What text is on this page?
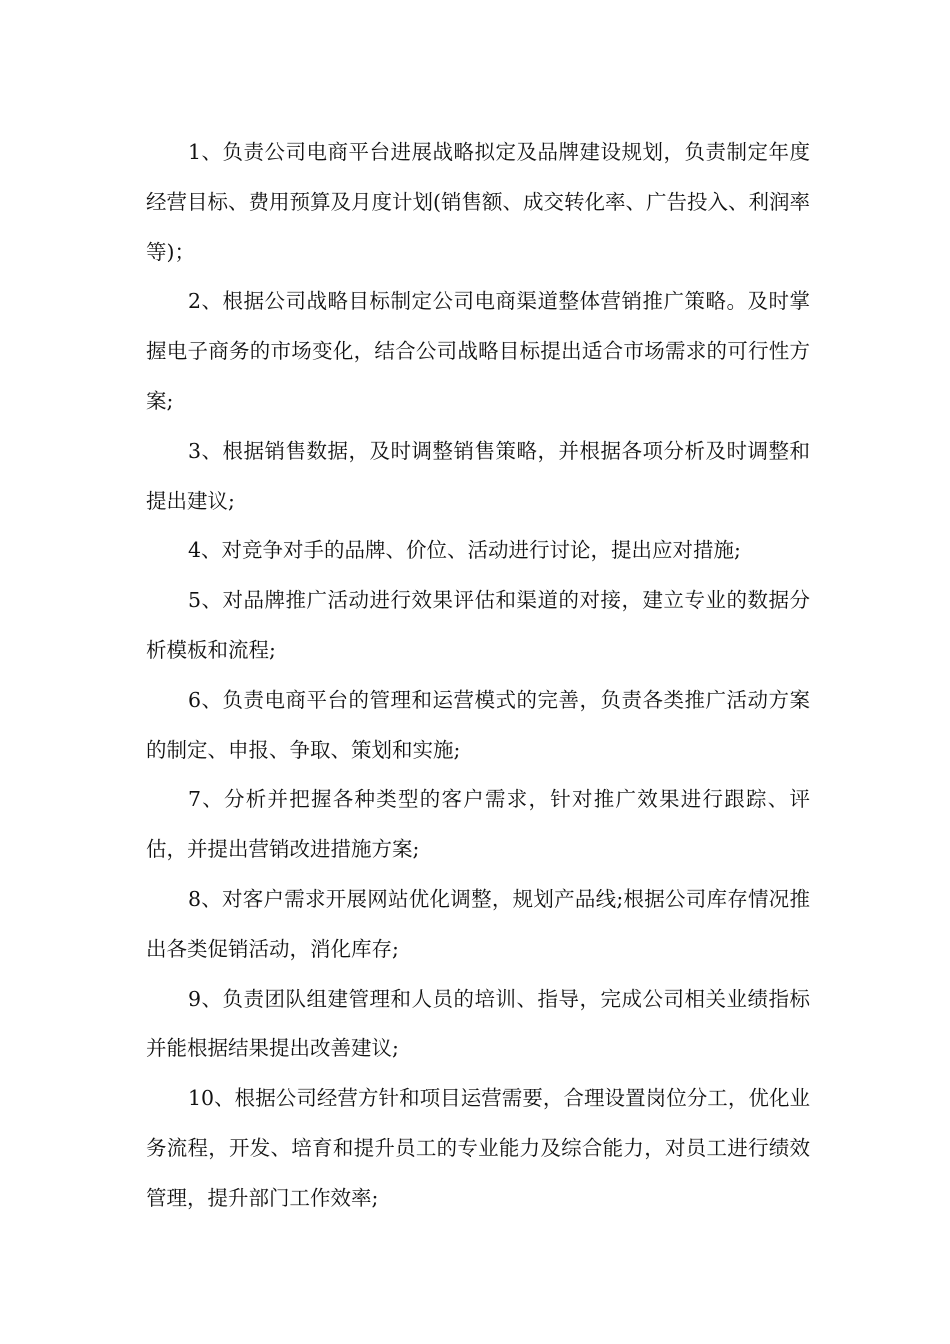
1、负责公司电商平台进展战略拟定及品牌建设规划，负责制定年度经营目标、费用预算及月度计划(销售额、成交转化率、广告投入、利润率等)；

2、根据公司战略目标制定公司电商渠道整体营销推广策略。及时掌握电子商务的市场变化，结合公司战略目标提出适合市场需求的可行性方案;

3、根据销售数据，及时调整销售策略，并根据各项分析及时调整和提出建议;

4、对竞争对手的品牌、价位、活动进行讨论，提出应对措施;

5、对品牌推广活动进行效果评估和渠道的对接，建立专业的数据分析模板和流程;

6、负责电商平台的管理和运营模式的完善，负责各类推广活动方案的制定、申报、争取、策划和实施;

7、分析并把握各种类型的客户需求，针对推广效果进行跟踪、评估，并提出营销改进措施方案;

8、对客户需求开展网站优化调整，规划产品线;根据公司库存情况推出各类促销活动，消化库存;

9、负责团队组建管理和人员的培训、指导，完成公司相关业绩指标并能根据结果提出改善建议;

10、根据公司经营方针和项目运营需要，合理设置岗位分工，优化业务流程，开发、培育和提升员工的专业能力及综合能力，对员工进行绩效管理，提升部门工作效率;
